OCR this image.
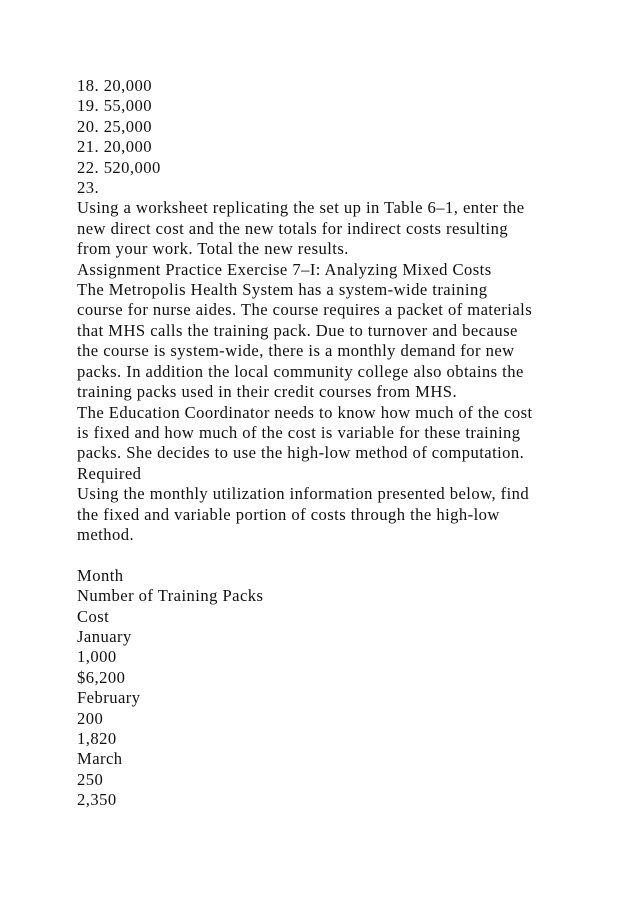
18. 20,000
19. 55,000
20. 25,000
21. 20,000
22. 520,000
23.
Using a worksheet replicating the set up in Table 6–1, enter the
new direct cost and the new totals for indirect costs resulting
from your work. Total the new results.
Assignment Practice Exercise 7–I: Analyzing Mixed Costs
The Metropolis Health System has a system-wide training
course for nurse aides. The course requires a packet of materials
that MHS calls the training pack. Due to turnover and because
the course is system-wide, there is a monthly demand for new
packs. In addition the local community college also obtains the
training packs used in their credit courses from MHS.
The Education Coordinator needs to know how much of the cost
is fixed and how much of the cost is variable for these training
packs. She decides to use the high-low method of computation.
Required
Using the monthly utilization information presented below, find
the fixed and variable portion of costs through the high-low
method.
Month
Number of Training Packs
Cost
January
1,000
$6,200
February
200
1,820
March
250
2,350
